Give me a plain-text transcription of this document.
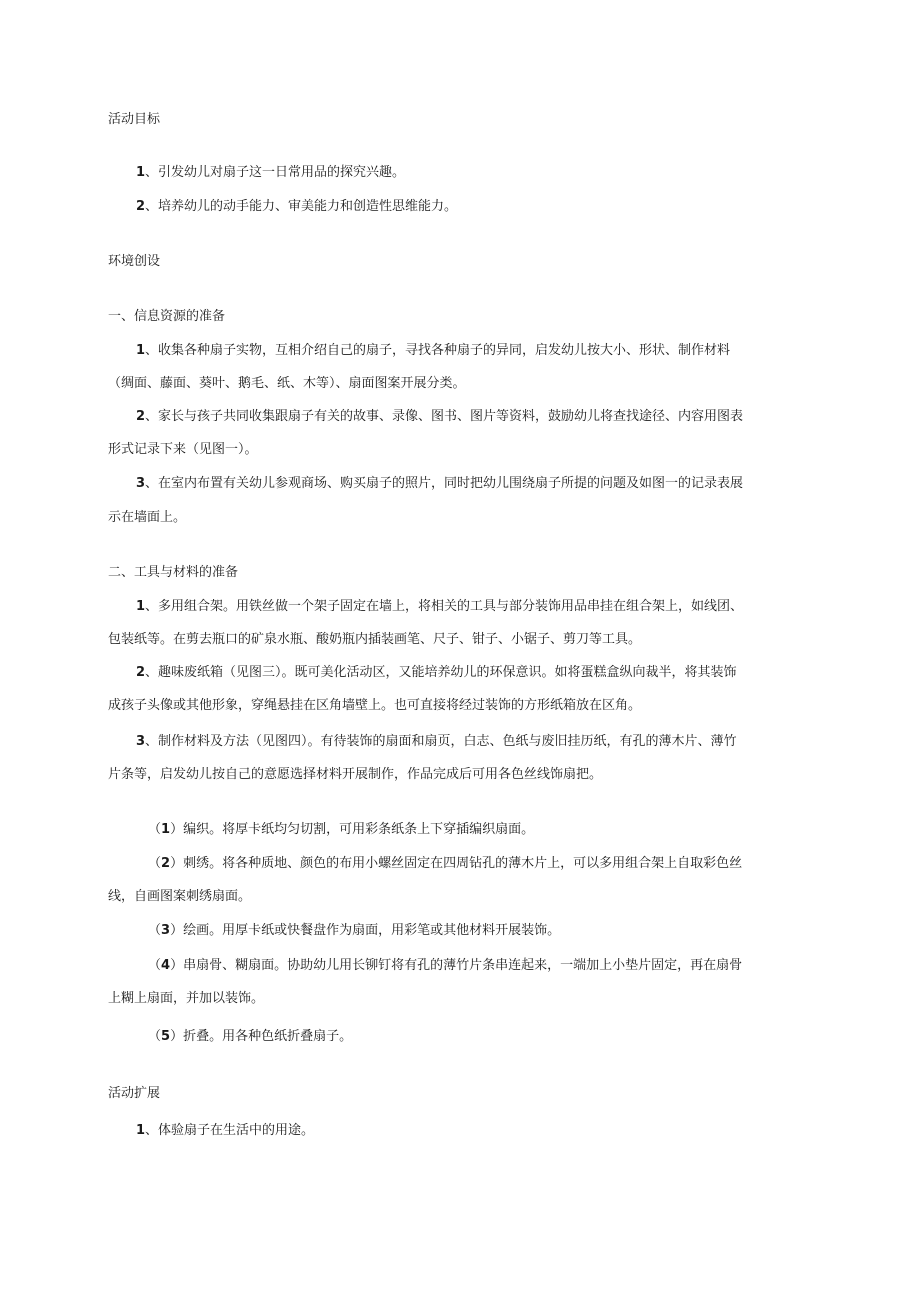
活动目标
1、引发幼儿对扇子这一日常用品的探究兴趣。
2、培养幼儿的动手能力、审美能力和创造性思维能力。
环境创设
一、信息资源的准备
1、收集各种扇子实物，互相介绍自己的扇子，寻找各种扇子的异同，启发幼儿按大小、形状、制作材料
（绸面、藤面、葵叶、鹅毛、纸、木等）、扇面图案开展分类。
2、家长与孩子共同收集跟扇子有关的故事、录像、图书、图片等资料，鼓励幼儿将查找途径、内容用图表
形式记录下来（见图一）。
3、在室内布置有关幼儿参观商场、购买扇子的照片，同时把幼儿围绕扇子所提的问题及如图一的记录表展
示在墙面上。
二、工具与材料的准备
1、多用组合架。用铁丝做一个架子固定在墙上，将相关的工具与部分装饰用品串挂在组合架上，如线团、
包装纸等。在剪去瓶口的矿泉水瓶、酸奶瓶内插装画笔、尺子、钳子、小锯子、剪刀等工具。
2、趣味废纸箱（见图三）。既可美化活动区，又能培养幼儿的环保意识。如将蛋糕盒纵向裁半，将其装饰
成孩子头像或其他形象，穿绳悬挂在区角墙壁上。也可直接将经过装饰的方形纸箱放在区角。
3、制作材料及方法（见图四）。有待装饰的扇面和扇页，白志、色纸与废旧挂历纸，有孔的薄木片、薄竹
片条等，启发幼儿按自己的意愿选择材料开展制作，作品完成后可用各色丝线饰扇把。
（1）编织。将厚卡纸均匀切割，可用彩条纸条上下穿插编织扇面。
（2）刺绣。将各种质地、颜色的布用小螺丝固定在四周钻孔的薄木片上，可以多用组合架上自取彩色丝
线，自画图案刺绣扇面。
（3）绘画。用厚卡纸或快餐盘作为扇面，用彩笔或其他材料开展装饰。
（4）串扇骨、糊扇面。协助幼儿用长铆钉将有孔的薄竹片条串连起来，一端加上小垫片固定，再在扇骨
上糊上扇面，并加以装饰。
（5）折叠。用各种色纸折叠扇子。
活动扩展
1、体验扇子在生活中的用途。
